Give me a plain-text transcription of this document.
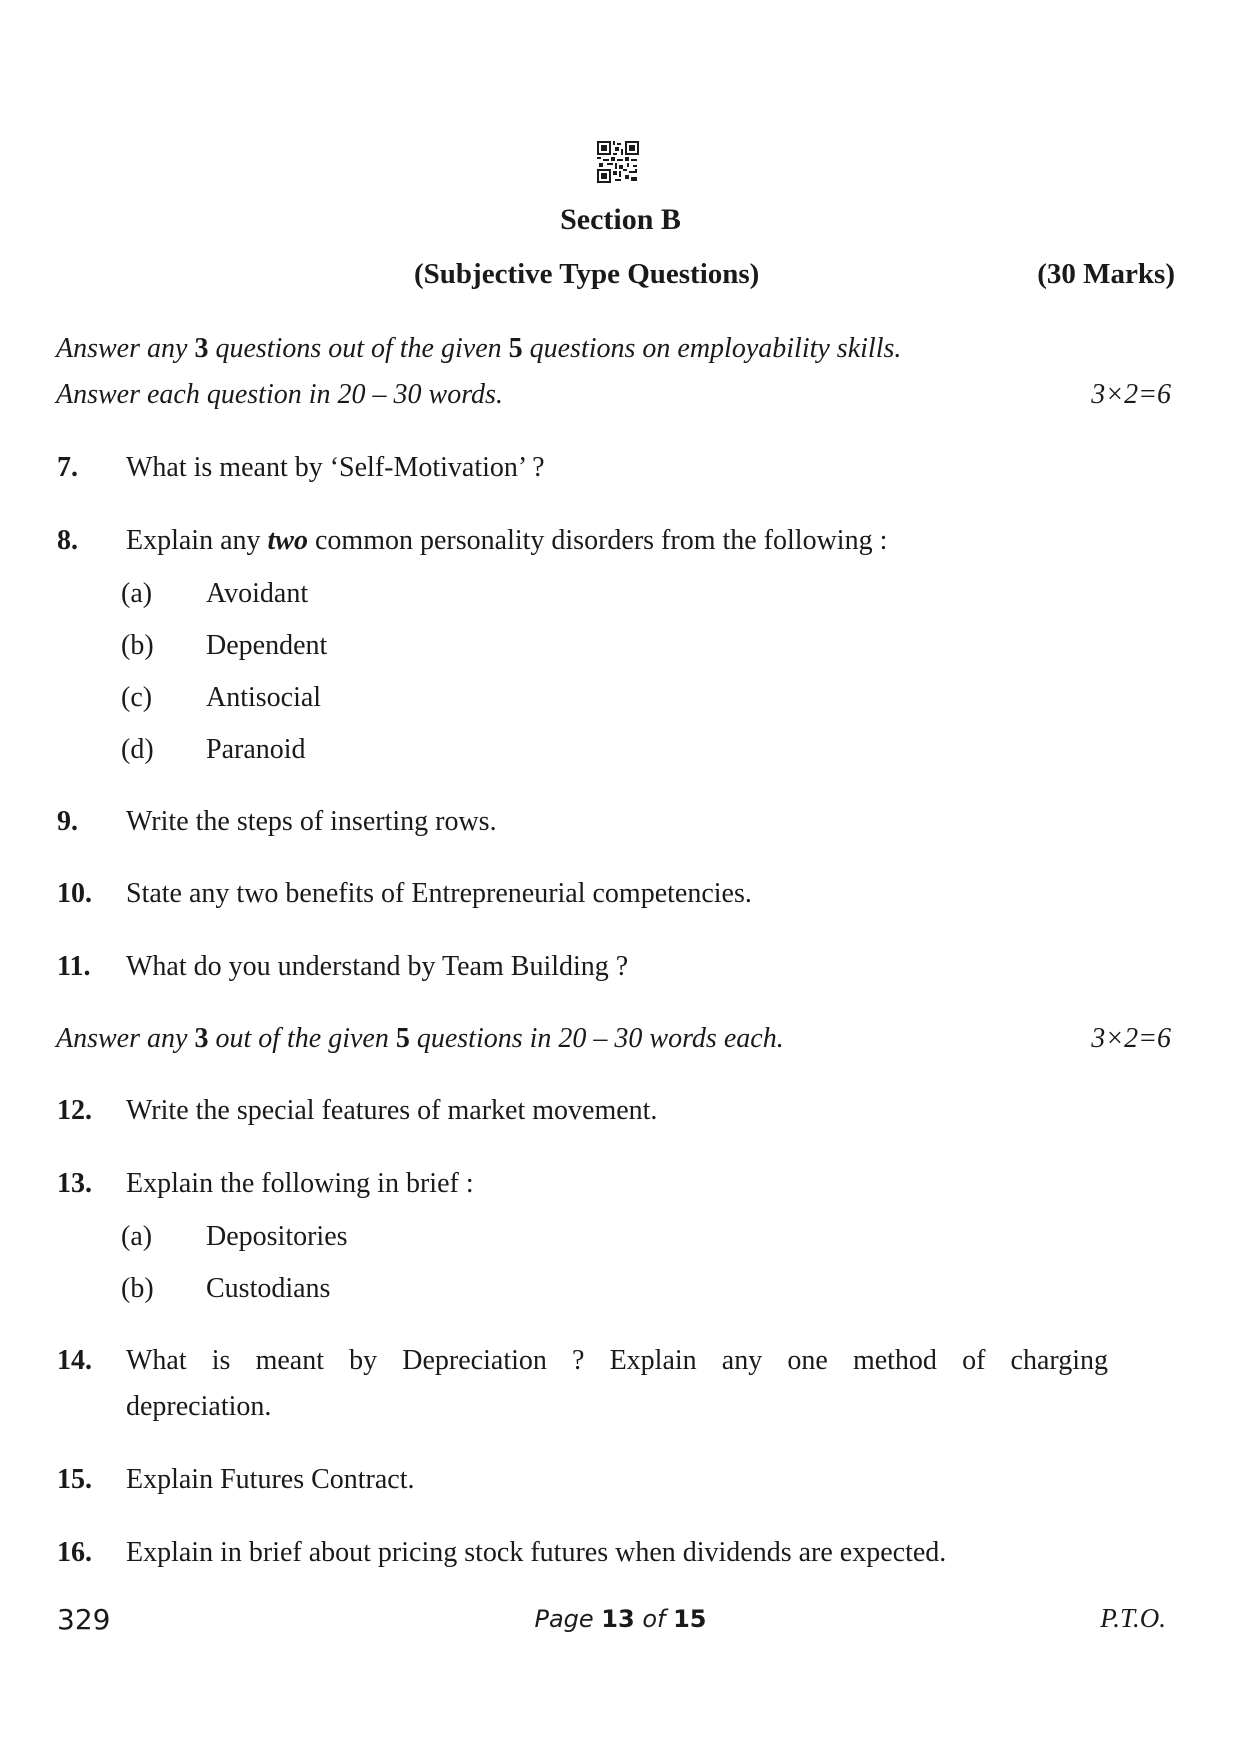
Section B
(Subjective Type Questions)	(30 Marks)
Answer any 3 questions out of the given 5 questions on employability skills.
Answer each question in 20 – 30 words.	3×2=6
7. What is meant by ‘Self-Motivation’ ?
8. Explain any two common personality disorders from the following :
(a) Avoidant
(b) Dependent
(c) Antisocial
(d) Paranoid
9. Write the steps of inserting rows.
10. State any two benefits of Entrepreneurial competencies.
11. What do you understand by Team Building ?
Answer any 3 out of the given 5 questions in 20 – 30 words each.	3×2=6
12. Write the special features of market movement.
13. Explain the following in brief :
(a) Depositories
(b) Custodians
14. What is meant by Depreciation ? Explain any one method of charging
depreciation.
15. Explain Futures Contract.
16. Explain in brief about pricing stock futures when dividends are expected.
329	Page 13 of 15	P.T.O.
